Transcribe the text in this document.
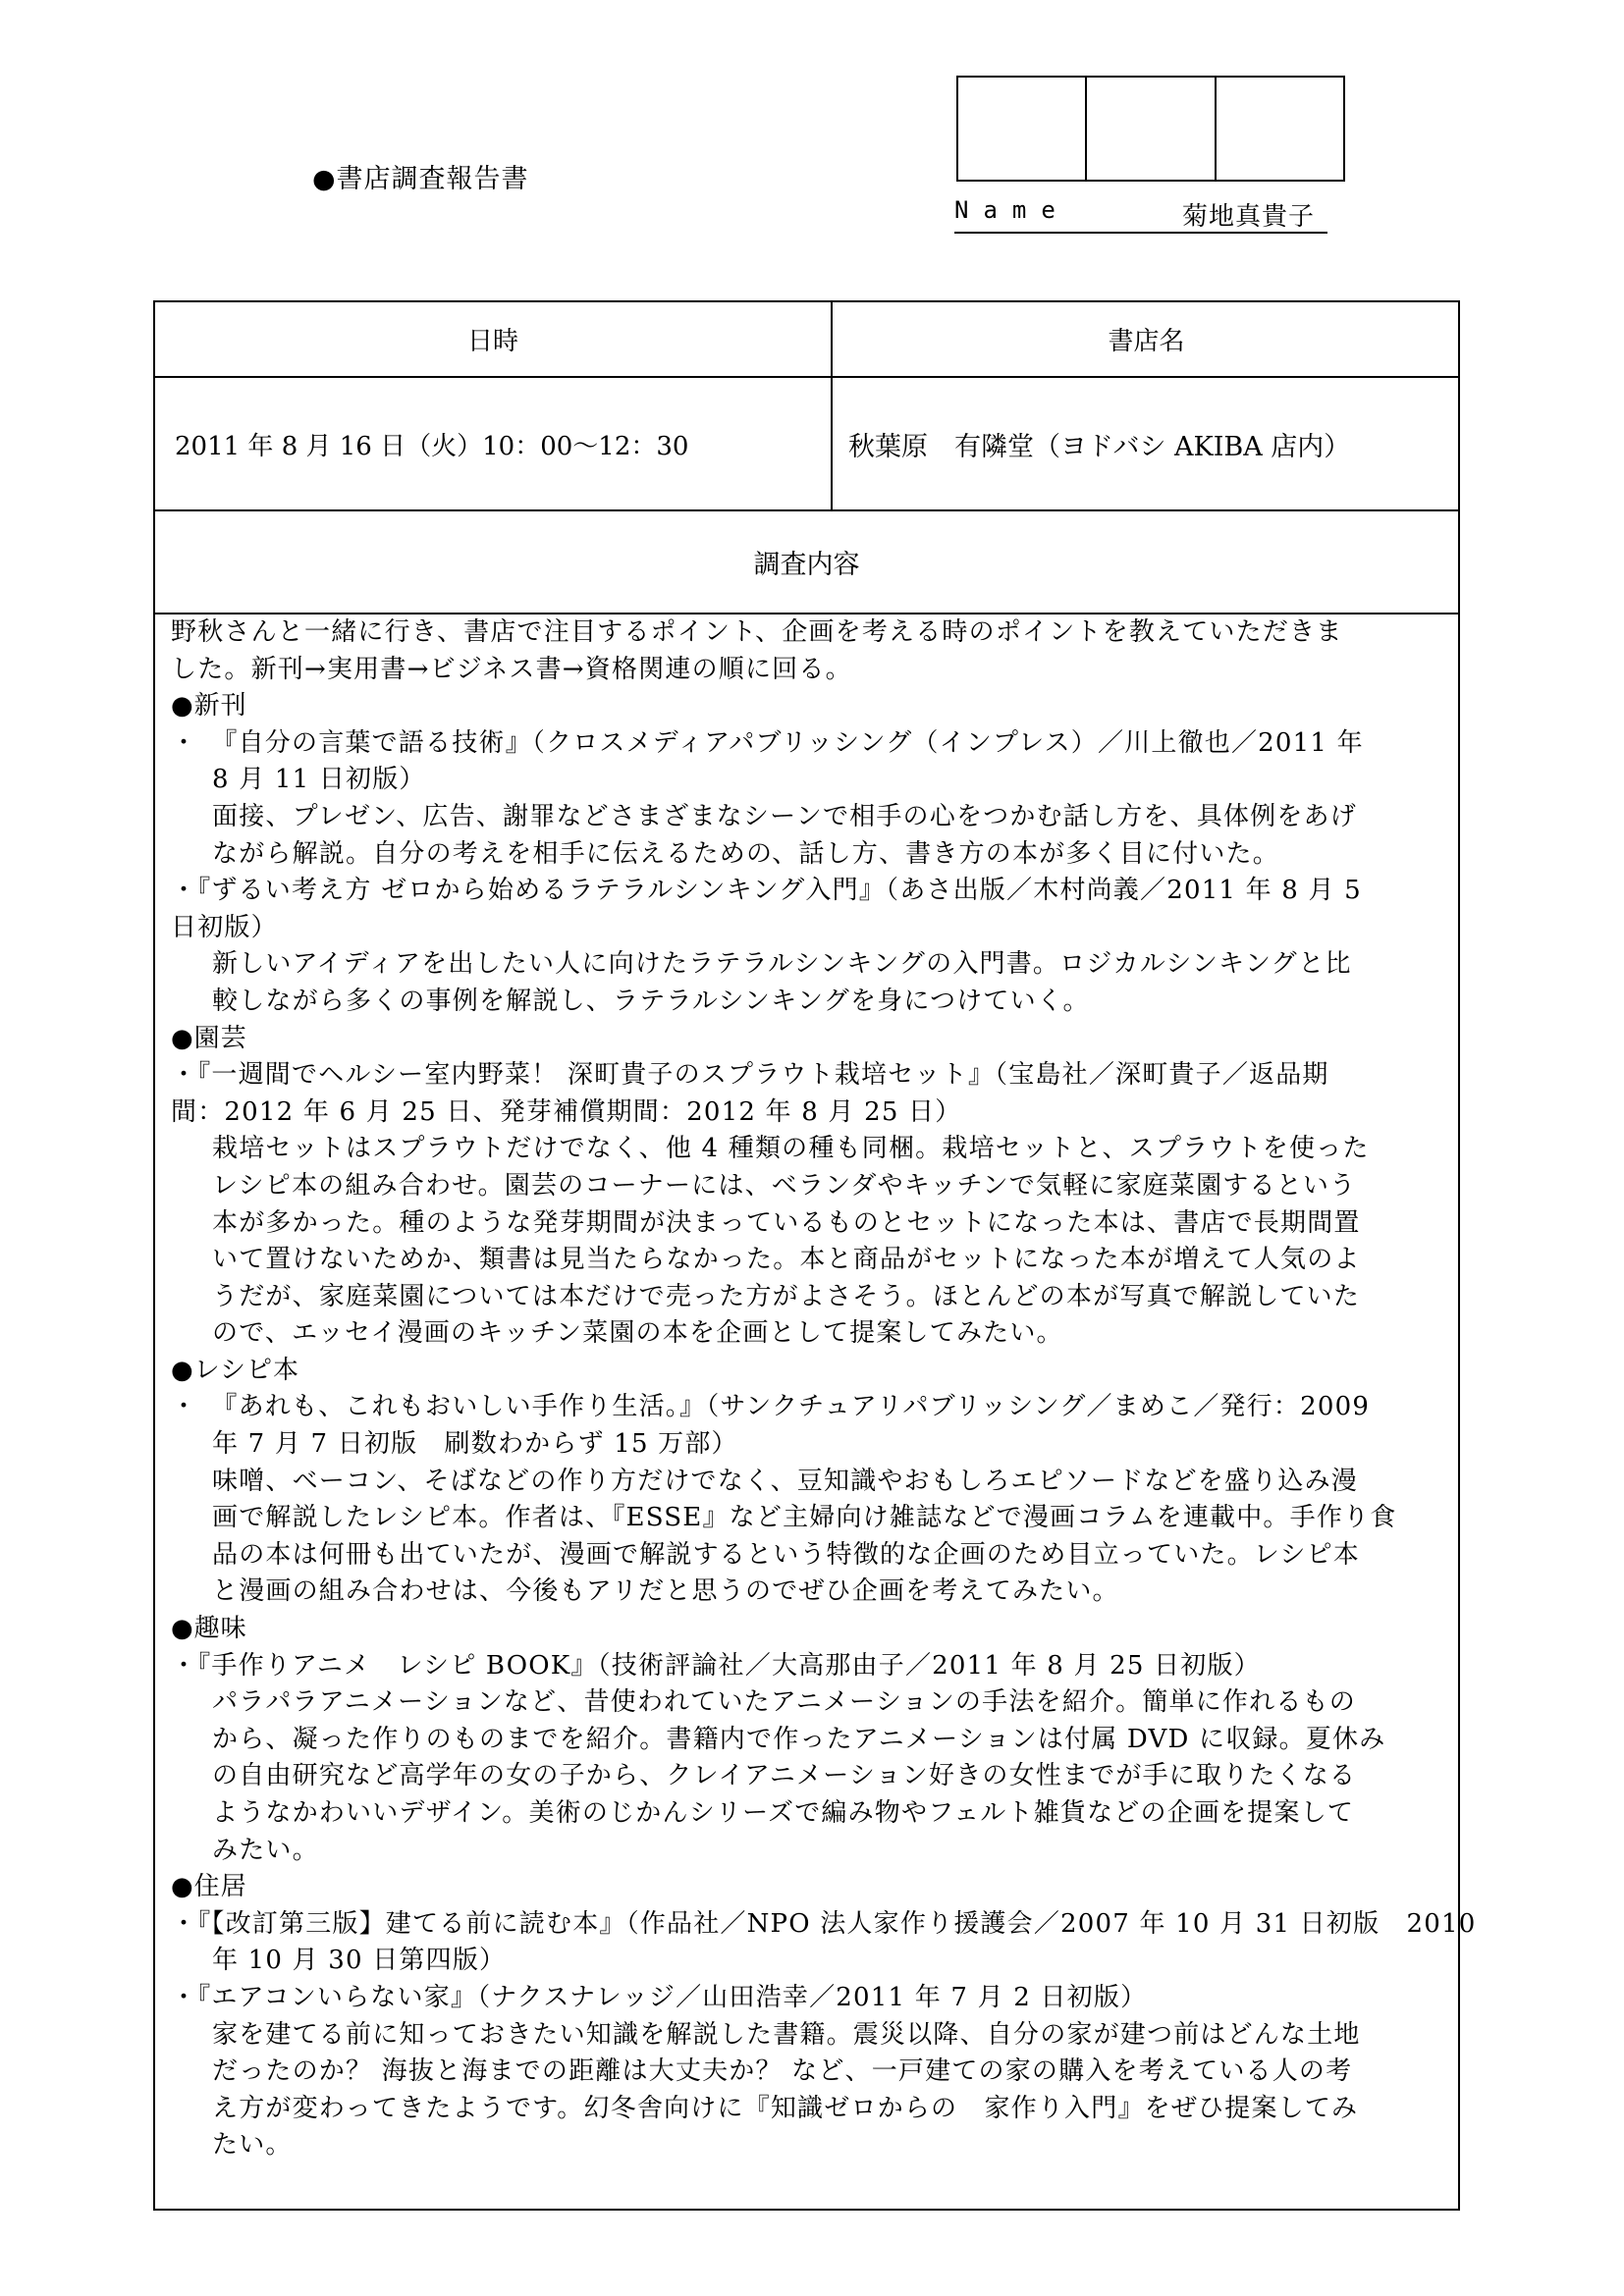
●書店調査報告書
Name	菊地真貴子
日時	書店名
2011 年 8 月 16 日（火）10：00〜12：30	秋葉原　有隣堂（ヨドバシ AKIBA 店内）
調査内容
野秋さんと一緒に行き、書店で注目するポイント、企画を考える時のポイントを教えていただきま
した。新刊→実用書→ビジネス書→資格関連の順に回る。
●新刊
・　『自分の言葉で語る技術』（クロスメディアパブリッシング（インプレス）／川上徹也／2011 年
8 月 11 日初版）
面接、プレゼン、広告、謝罪などさまざまなシーンで相手の心をつかむ話し方を、具体例をあげ
ながら解説。自分の考えを相手に伝えるための、話し方、書き方の本が多く目に付いた。
・『ずるい考え方 ゼロから始めるラテラルシンキング入門』（あさ出版／木村尚義／2011 年 8 月 5
日初版）
新しいアイディアを出したい人に向けたラテラルシンキングの入門書。ロジカルシンキングと比
較しながら多くの事例を解説し、ラテラルシンキングを身につけていく。
●園芸
・『一週間でヘルシー室内野菜！ 深町貴子のスプラウト栽培セット』（宝島社／深町貴子／返品期
間：2012 年 6 月 25 日、発芽補償期間：2012 年 8 月 25 日）
栽培セットはスプラウトだけでなく、他 4 種類の種も同梱。栽培セットと、スプラウトを使った
レシピ本の組み合わせ。園芸のコーナーには、ベランダやキッチンで気軽に家庭菜園するという
本が多かった。種のような発芽期間が決まっているものとセットになった本は、書店で長期間置
いて置けないためか、類書は見当たらなかった。本と商品がセットになった本が増えて人気のよ
うだが、家庭菜園については本だけで売った方がよさそう。ほとんどの本が写真で解説していた
ので、エッセイ漫画のキッチン菜園の本を企画として提案してみたい。
●レシピ本
・　『あれも、これもおいしい手作り生活。』（サンクチュアリパブリッシング／まめこ／発行：2009
年 7 月 7 日初版　刷数わからず 15 万部）
味噌、ベーコン、そばなどの作り方だけでなく、豆知識やおもしろエピソードなどを盛り込み漫
画で解説したレシピ本。作者は、『ESSE』など主婦向け雑誌などで漫画コラムを連載中。手作り食
品の本は何冊も出ていたが、漫画で解説するという特徴的な企画のため目立っていた。レシピ本
と漫画の組み合わせは、今後もアリだと思うのでぜひ企画を考えてみたい。
●趣味
・『手作りアニメ　レシピ BOOK』（技術評論社／大高那由子／2011 年 8 月 25 日初版）
パラパラアニメーションなど、昔使われていたアニメーションの手法を紹介。簡単に作れるもの
から、凝った作りのものまでを紹介。書籍内で作ったアニメーションは付属 DVD に収録。夏休み
の自由研究など高学年の女の子から、クレイアニメーション好きの女性までが手に取りたくなる
ようなかわいいデザイン。美術のじかんシリーズで編み物やフェルト雑貨などの企画を提案して
みたい。
●住居
・『【改訂第三版】建てる前に読む本』（作品社／NPO 法人家作り援護会／2007 年 10 月 31 日初版　2010
年 10 月 30 日第四版）
・『エアコンいらない家』（ナクスナレッジ／山田浩幸／2011 年 7 月 2 日初版）
家を建てる前に知っておきたい知識を解説した書籍。震災以降、自分の家が建つ前はどんな土地
だったのか？ 海抜と海までの距離は大丈夫か？ など、一戸建ての家の購入を考えている人の考
え方が変わってきたようです。幻冬舎向けに『知識ゼロからの　家作り入門』をぜひ提案してみ
たい。
